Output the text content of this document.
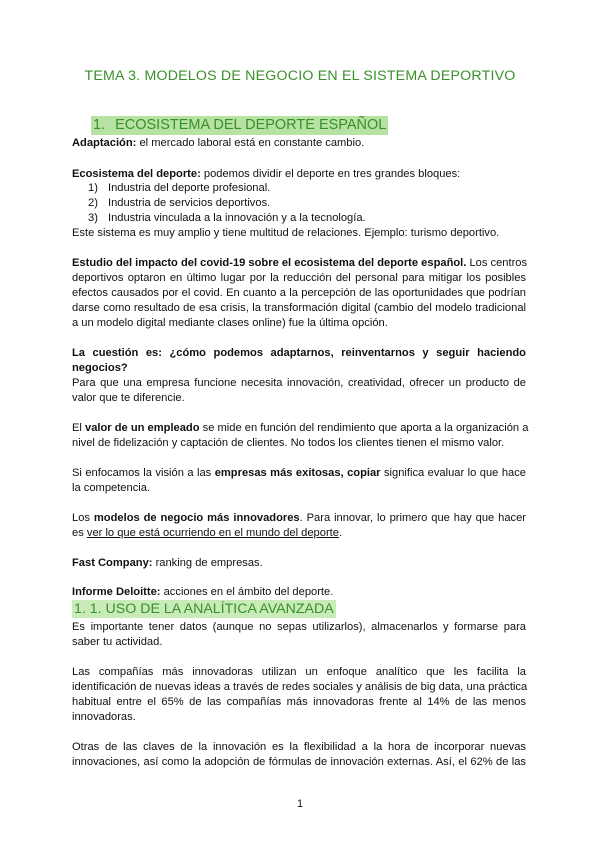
TEMA 3. MODELOS DE NEGOCIO EN EL SISTEMA DEPORTIVO
1. ECOSISTEMA DEL DEPORTE ESPAÑOL
Adaptación: el mercado laboral está en constante cambio.
Ecosistema del deporte: podemos dividir el deporte en tres grandes bloques:
1) Industria del deporte profesional.
2) Industria de servicios deportivos.
3) Industria vinculada a la innovación y a la tecnología.
Este sistema es muy amplio y tiene multitud de relaciones. Ejemplo: turismo deportivo.
Estudio del impacto del covid-19 sobre el ecosistema del deporte español. Los centros
deportivos optaron en último lugar por la reducción del personal para mitigar los posibles
efectos causados por el covid. En cuanto a la percepción de las oportunidades que podrían
darse como resultado de esa crisis, la transformación digital (cambio del modelo tradicional
a un modelo digital mediante clases online) fue la última opción.
La cuestión es: ¿cómo podemos adaptarnos, reinventarnos y seguir haciendo
negocios?
Para que una empresa funcione necesita innovación, creatividad, ofrecer un producto de
valor que te diferencie.
El valor de un empleado se mide en función del rendimiento que aporta a la organización a
nivel de fidelización y captación de clientes. No todos los clientes tienen el mismo valor.
Si enfocamos la visión a las empresas más exitosas, copiar significa evaluar lo que hace
la competencia.
Los modelos de negocio más innovadores. Para innovar, lo primero que hay que hacer
es ver lo que está ocurriendo en el mundo del deporte.
Fast Company: ranking de empresas.
Informe Deloitte: acciones en el ámbito del deporte.
1. 1. USO DE LA ANALÍTICA AVANZADA
Es importante tener datos (aunque no sepas utilizarlos), almacenarlos y formarse para
saber tu actividad.
Las compañías más innovadoras utilizan un enfoque analítico que les facilita la
identificación de nuevas ideas a través de redes sociales y análisis de big data, una práctica
habitual entre el 65% de las compañías más innovadoras frente al 14% de las menos
innovadoras.
Otras de las claves de la innovación es la flexibilidad a la hora de incorporar nuevas
innovaciones, así como la adopción de fórmulas de innovación externas. Así, el 62% de las
1
